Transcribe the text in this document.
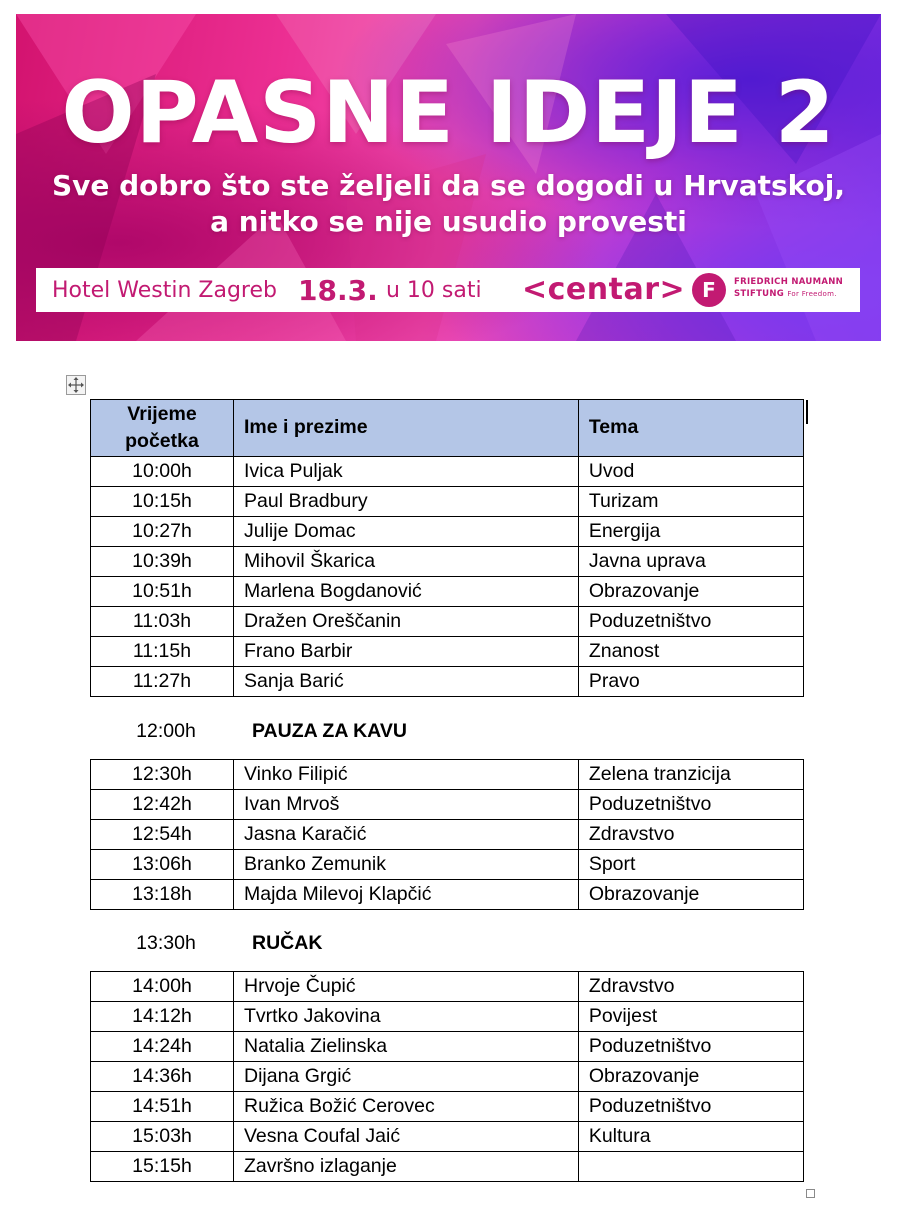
OPASNE IDEJE 2
Sve dobro što ste željeli da se dogodi u Hrvatskoj,
a nitko se nije usudio provesti
Hotel Westin Zagreb 18.3. u 10 sati <centar> F	FRIEDRICH NAUMANN
STIFTUNG For Freedom.
Vrijeme
početka	Ime i prezime	Tema
10:00h	Ivica Puljak	Uvod
10:15h	Paul Bradbury	Turizam
10:27h	Julije Domac	Energija
10:39h	Mihovil Škarica	Javna uprava
10:51h	Marlena Bogdanović	Obrazovanje
11:03h	Dražen Oreščanin	Poduzetništvo
11:15h	Frano Barbir	Znanost
11:27h	Sanja Barić	Pravo
12:00h	PAUZA ZA KAVU
12:30h	Vinko Filipić	Zelena tranzicija
12:42h	Ivan Mrvoš	Poduzetništvo
12:54h	Jasna Karačić	Zdravstvo
13:06h	Branko Zemunik	Sport
13:18h	Majda Milevoj Klapčić	Obrazovanje
13:30h	RUČAK
14:00h	Hrvoje Čupić	Zdravstvo
14:12h	Tvrtko Jakovina	Povijest
14:24h	Natalia Zielinska	Poduzetništvo
14:36h	Dijana Grgić	Obrazovanje
14:51h	Ružica Božić Cerovec	Poduzetništvo
15:03h	Vesna Coufal Jaić	Kultura
15:15h	Završno izlaganje	
